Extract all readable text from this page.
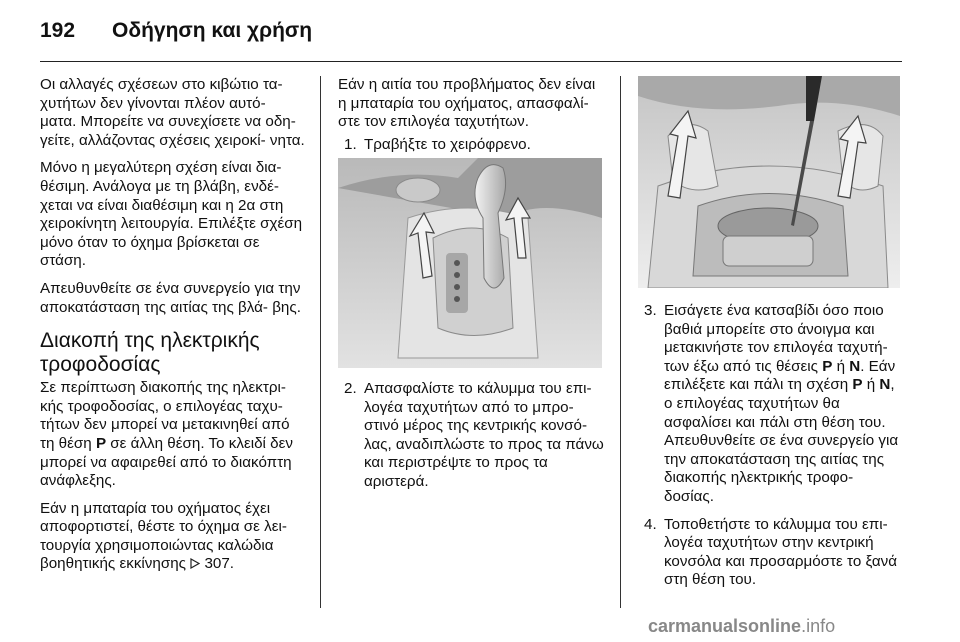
192 Οδήγηση και χρήση

Οι αλλαγές σχέσεων στο κιβώτιο τα- χυτήτων δεν γίνονται πλέον αυτό- ματα. Μπορείτε να συνεχίσετε να οδη- γείτε, αλλάζοντας σχέσεις χειροκί- νητα.

Μόνο η μεγαλύτερη σχέση είναι δια- θέσιμη. Ανάλογα με τη βλάβη, ενδέ- χεται να είναι διαθέσιμη και η 2α στη χειροκίνητη λειτουργία. Επιλέξτε σχέση μόνο όταν το όχημα βρίσκεται σε στάση.

Απευθυνθείτε σε ένα συνεργείο για την αποκατάσταση της αιτίας της βλά- βης.

Διακοπή της ηλεκτρικής τροφοδοσίας

Σε περίπτωση διακοπής της ηλεκτρι- κής τροφοδοσίας, ο επιλογέας ταχυ- τήτων δεν μπορεί να μετακινηθεί από τη θέση P σε άλλη θέση. Το κλειδί δεν μπορεί να αφαιρεθεί από το διακόπτη ανάφλεξης.

Εάν η μπαταρία του οχήματος έχει αποφορτιστεί, θέστε το όχημα σε λει- τουργία χρησιμοποιώντας καλώδια βοηθητικής εκκίνησης  307.

Εάν η αιτία του προβλήματος δεν είναι η μπαταρία του οχήματος, απασφαλί- στε τον επιλογέα ταχυτήτων.

1. Τραβήξτε το χειρόφρενο.
2. Απασφαλίστε το κάλυμμα του επι- λογέα ταχυτήτων από το μπρο- στινό μέρος της κεντρικής κονσό- λας, αναδιπλώστε το προς τα πάνω και περιστρέψτε το προς τα αριστερά.
3. Εισάγετε ένα κατσαβίδι όσο ποιο βαθιά μπορείτε στο άνοιγμα και μετακινήστε τον επιλογέα ταχυτή- των έξω από τις θέσεις P ή N. Εάν επιλέξετε και πάλι τη σχέση P ή N, ο επιλογέας ταχυτήτων θα ασφαλίσει και πάλι στη θέση του. Απευθυνθείτε σε ένα συνεργείο για την αποκατάσταση της αιτίας της διακοπής ηλεκτρικής τροφο- δοσίας.
4. Τοποθετήστε το κάλυμμα του επι- λογέα ταχυτήτων στην κεντρική κονσόλα και προσαρμόστε το ξανά στη θέση του.
carmanualsonline.info
